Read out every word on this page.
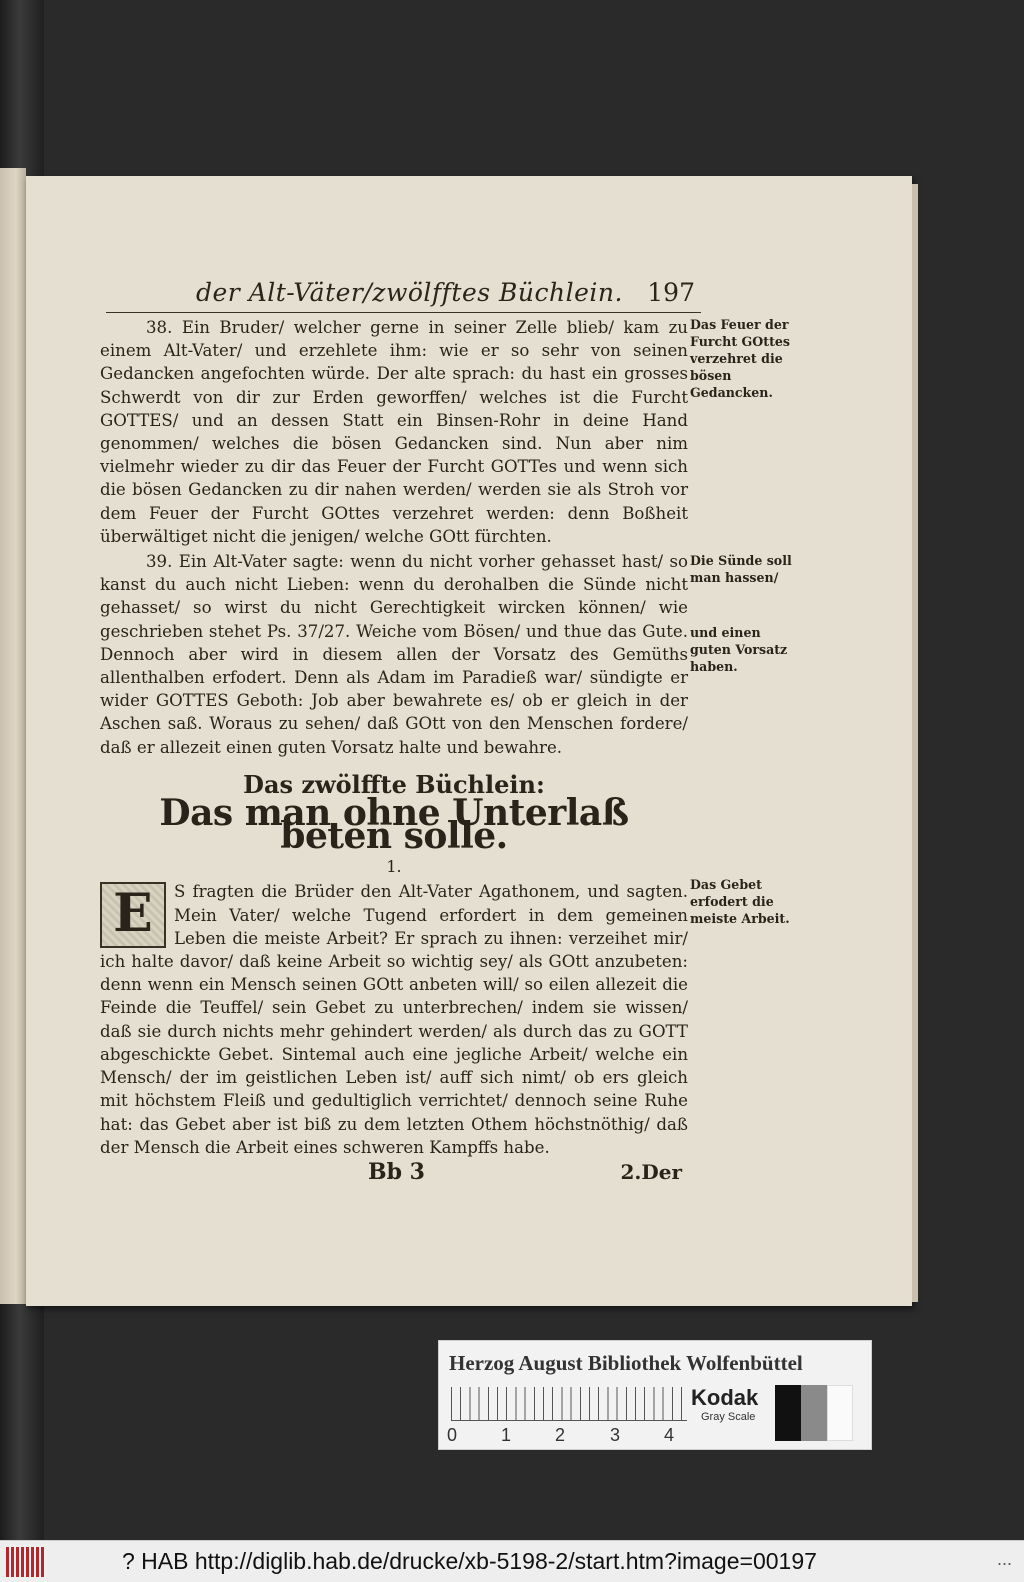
der Alt-Väter/zwölfftes Büchlein. 197

38. Ein Bruder/ welcher gerne in seiner Zelle blieb/ kam zu einem Alt-Vater/ und erzehlete ihm: wie er so sehr von seinen Gedancken angefochten würde. Der alte sprach: du hast ein grosses Schwerdt von dir zur Erden geworffen/ welches ist die Furcht GOTTES/ und an dessen Statt ein Binsen-Rohr in deine Hand genommen/ welches die bösen Gedancken sind. Nun aber nim vielmehr wieder zu dir das Feuer der Furcht GOTTes und wenn sich die bösen Gedancken zu dir nahen werden/ werden sie als Stroh vor dem Feuer der Furcht GOttes verzehret werden: denn Boßheit überwältiget nicht die jenigen/ welche GOtt fürchten.

39. Ein Alt-Vater sagte: wenn du nicht vorher gehasset hast/ so kanst du auch nicht Lieben: wenn du derohalben die Sünde nicht gehasset/ so wirst du nicht Gerechtigkeit wircken können/ wie geschrieben stehet Ps. 37/27. Weiche vom Bösen/ und thue das Gute. Dennoch aber wird in diesem allen der Vorsatz des Gemüths allenthalben erfodert. Denn als Adam im Paradieß war/ sündigte er wider GOTTES Geboth: Job aber bewahrete es/ ob er gleich in der Aschen saß. Woraus zu sehen/ daß GOtt von den Menschen fordere/ daß er allezeit einen guten Vorsatz halte und bewahre.

Das zwölffte Büchlein:
Das man ohne Unterlaß beten solle.
1.

E	S fragten die Brüder den Alt-Vater Agathonem, und sagten. Mein Vater/ welche Tugend erfordert in dem gemeinen Leben die meiste Arbeit? Er sprach zu ihnen: verzeihet mir/ ich halte davor/ daß keine Arbeit so wichtig sey/ als GOtt anzubeten: denn wenn ein Mensch seinen GOtt anbeten will/ so eilen allezeit die Feinde die Teuffel/ sein Gebet zu unterbrechen/ indem sie wissen/ daß sie durch nichts mehr gehindert werden/ als durch das zu GOTT abgeschickte Gebet. Sintemal auch eine jegliche Arbeit/ welche ein Mensch/ der im geistlichen Leben ist/ auff sich nimt/ ob ers gleich mit höchstem Fleiß und gedultiglich verrichtet/ dennoch seine Ruhe hat: das Gebet aber ist biß zu dem letzten Othem höchstnöthig/ daß der Mensch die Arbeit eines schweren Kampffs habe.

Bb 3	2.Der
Das Feuer der Furcht GOttes verzehret die bösen Gedancken.
Die Sünde soll man hassen/
und einen guten Vorsatz haben.
Das Gebet erfodert die meiste Arbeit.
Herzog August Bibliothek Wolfenbüttel
0 1 2 3 4
Kodak
Gray Scale
? HAB http://diglib.hab.de/drucke/xb-5198-2/start.htm?image=00197	...
